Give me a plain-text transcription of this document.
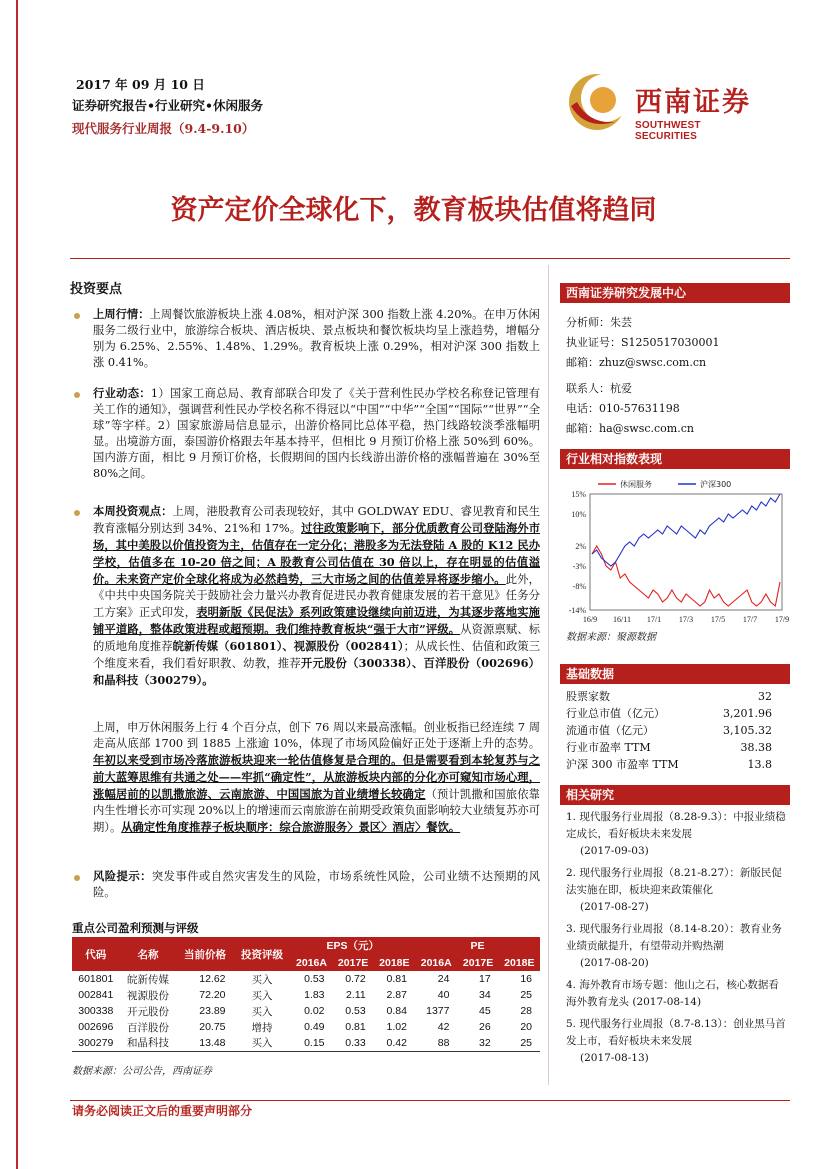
2017 年 09 月 10 日
证券研究报告•行业研究•休闲服务
现代服务行业周报（9.4-9.10）
西南证券
SOUTHWEST SECURITIES
资产定价全球化下，教育板块估值将趋同
投资要点
上周行情：上周餐饮旅游板块上涨 4.08%，相对沪深 300 指数上涨 4.20%。在申万休闲服务二级行业中，旅游综合板块、酒店板块、景点板块和餐饮板块均呈上涨趋势，增幅分别为 6.25%、2.55%、1.48%、1.29%。教育板块上涨 0.29%，相对沪深 300 指数上涨 0.41%。
行业动态：1）国家工商总局、教育部联合印发了《关于营利性民办学校名称登记管理有关工作的通知》，强调营利性民办学校名称不得冠以“中国”“中华”“全国”“国际”“世界”“全球”等字样。2）国家旅游局信息显示，出游价格同比总体平稳，热门线路较淡季涨幅明显。出境游方面，泰国游价格跟去年基本持平，但相比 9 月预订价格上涨 50%到 60%。国内游方面，相比 9 月预订价格，长假期间的国内长线游出游价格的涨幅普遍在 30%至 80%之间。
本周投资观点：上周，港股教育公司表现较好，其中 GOLDWAY EDU、睿见教育和民生教育涨幅分别达到 34%、21%和 17%。过往政策影响下，部分优质教育公司登陆海外市场，其中美股以价值投资为主，估值存在一定分化；港股多为无法登陆 A 股的 K12 民办学校，估值多在 10-20 倍之间；A 股教育公司估值在 30 倍以上，存在明显的估值溢价。未来资产定价全球化将成为必然趋势，三大市场之间的估值差异将逐步缩小。此外，《中共中央国务院关于鼓励社会力量兴办教育促进民办教育健康发展的若干意见》任务分工方案》正式印发，表明新版《民促法》系列政策建设继续向前迈进，为其逐步落地实施铺平道路，整体政策进程或超预期。我们维持教育板块“强于大市”评级。从资源禀赋、标的质地角度推荐皖新传媒（601801）、视源股份（002841）；从成长性、估值和政策三个维度来看，我们看好职教、幼教，推荐开元股份（300338）、百洋股份（002696）和晶科技（300279）。
上周，申万休闲服务上行 4 个百分点，创下 76 周以来最高涨幅。创业板指已经连续 7 周走高从底部 1700 到 1885 上涨逾 10%，体现了市场风险偏好正处于逐渐上升的态势。年初以来受到市场冷落旅游板块迎来一轮估值修复是合理的。但是需要看到本轮复苏与之前大蓝筹思维有共通之处——牢抓“确定性”，从旅游板块内部的分化亦可窥知市场心理，涨幅居前的以凯撒旅游、云南旅游、中国国旅为首业绩增长较确定（预计凯撒和国旅依靠内生性增长亦可实现 20%以上的增速而云南旅游在前期受政策负面影响较大业绩复苏亦可期）。从确定性角度推荐子板块顺序：综合旅游服务〉景区〉酒店〉餐饮。
风险提示：突发事件或自然灾害发生的风险，市场系统性风险，公司业绩不达预期的风险。
重点公司盈利预测与评级
代码	名称	当前价格	投资评级	EPS（元）			PE		
				2016A	2017E	2018E	2016A	2017E	2018E
601801	皖新传媒	12.62	买入	0.53	0.72	0.81	24	17	16
002841	视源股份	72.20	买入	1.83	2.11	2.87	40	34	25
300338	开元股份	23.89	买入	0.02	0.53	0.84	1377	45	28
002696	百洋股份	20.75	增持	0.49	0.81	1.02	42	26	20
300279	和晶科技	13.48	买入	0.15	0.33	0.42	88	32	25
数据来源：公司公告，西南证券
西南证券研究发展中心
分析师：朱芸
执业证号：S1250517030001
邮箱：zhuz@swsc.com.cn
联系人：杭爱
电话：010-57631198
邮箱：ha@swsc.com.cn
行业相对指数表现
15%
10%
2%
-3%
-8%
-14%
16/9 16/11 17/1 17/3 17/5 17/7 17/9
休闲服务	沪深300
数据来源：聚源数据
基础数据
股票家数	32
行业总市值（亿元）	3,201.96
流通市值（亿元）	3,105.32
行业市盈率 TTM	38.38
沪深 300 市盈率 TTM	13.8
相关研究
1. 现代服务行业周报（8.28-9.3）：中报业绩稳定成长，看好板块未来发展
(2017-09-03)
2. 现代服务行业周报（8.21-8.27）：新版民促法实施在即，板块迎来政策催化
(2017-08-27)
3. 现代服务行业周报（8.14-8.20）：教育业务业绩贡献提升，有望带动并购热潮
(2017-08-20)
4. 海外教育市场专题：他山之石，核心数据看海外教育龙头 (2017-08-14)
5. 现代服务行业周报（8.7-8.13）：创业黑马首发上市，看好板块未来发展
(2017-08-13)
请务必阅读正文后的重要声明部分
